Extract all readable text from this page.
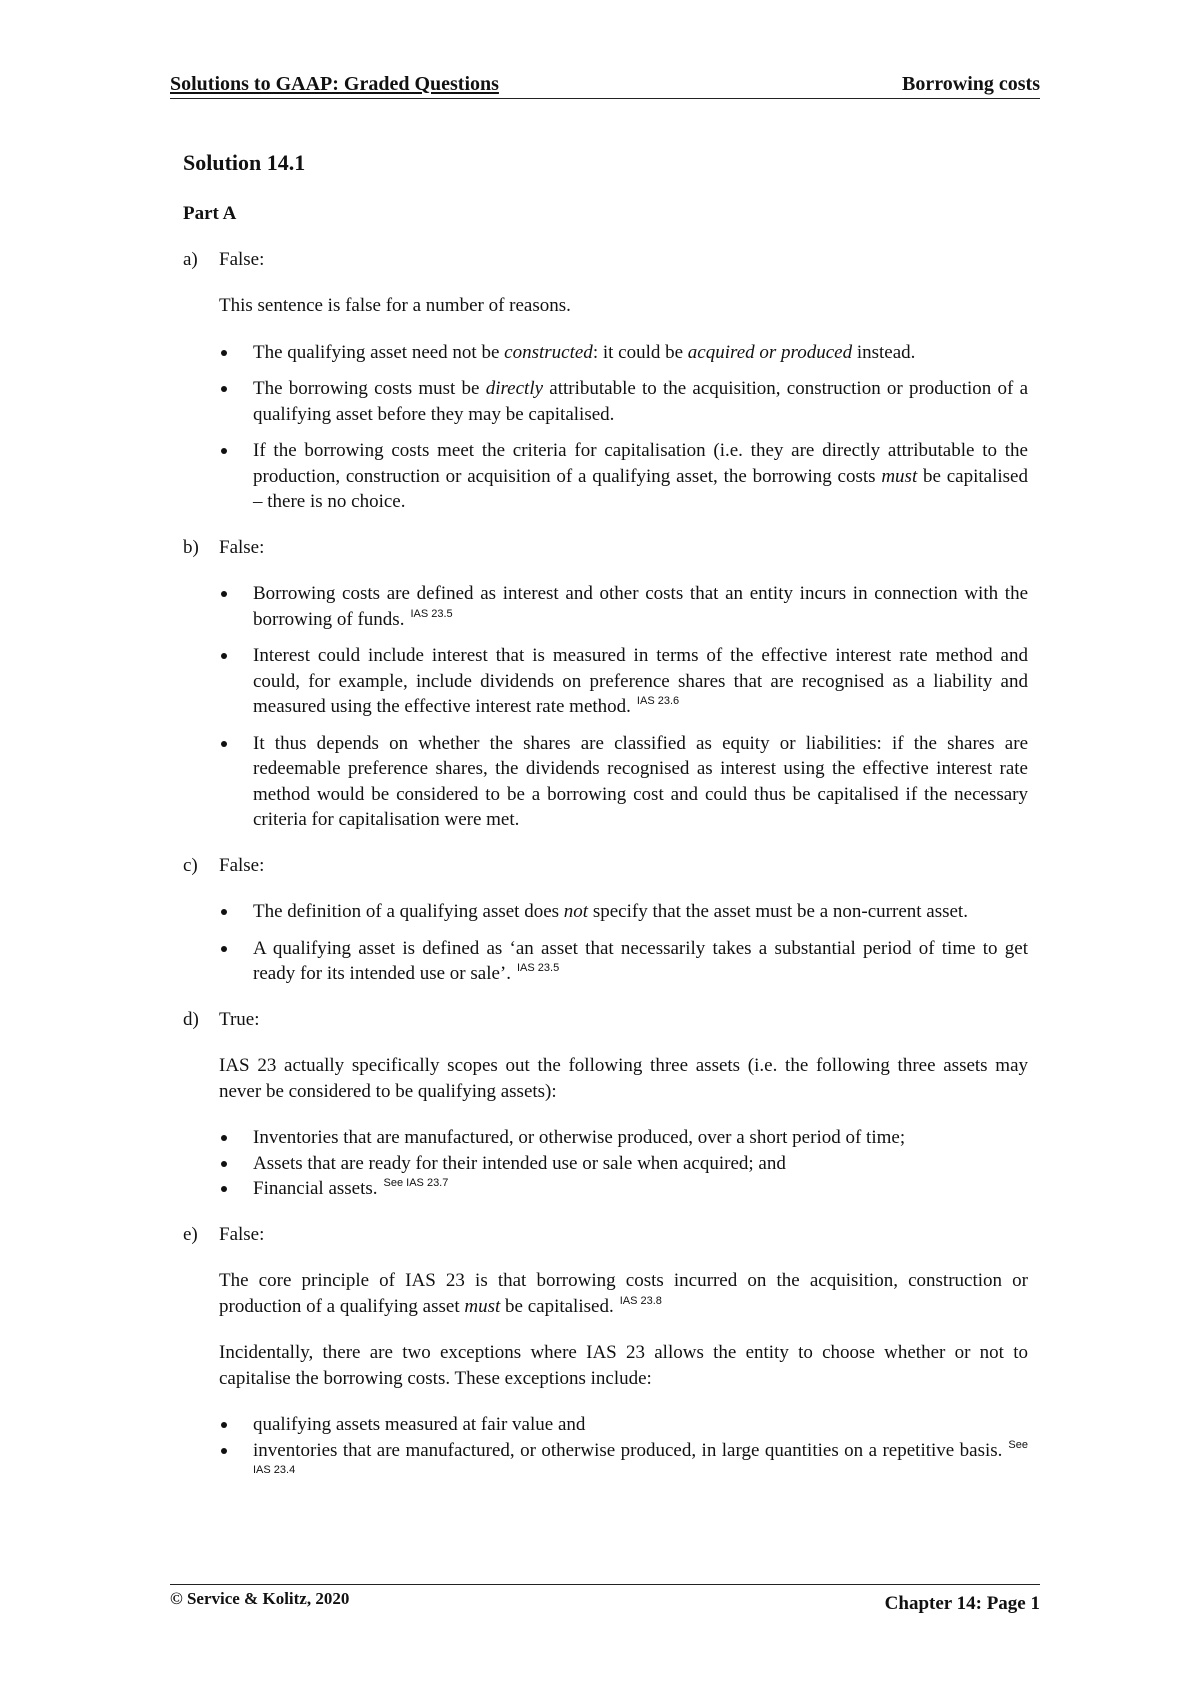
Solutions to GAAP: Graded Questions	Borrowing costs
Solution 14.1
Part A
a)	False:
This sentence is false for a number of reasons.
The qualifying asset need not be constructed: it could be acquired or produced instead.
The borrowing costs must be directly attributable to the acquisition, construction or production of a qualifying asset before they may be capitalised.
If the borrowing costs meet the criteria for capitalisation (i.e. they are directly attributable to the production, construction or acquisition of a qualifying asset, the borrowing costs must be capitalised – there is no choice.
b)	False:
Borrowing costs are defined as interest and other costs that an entity incurs in connection with the borrowing of funds. $^{IAS 23.5}$
Interest could include interest that is measured in terms of the effective interest rate method and could, for example, include dividends on preference shares that are recognised as a liability and measured using the effective interest rate method. $^{IAS 23.6}$
It thus depends on whether the shares are classified as equity or liabilities: if the shares are redeemable preference shares, the dividends recognised as interest using the effective interest rate method would be considered to be a borrowing cost and could thus be capitalised if the necessary criteria for capitalisation were met.
c)	False:
The definition of a qualifying asset does not specify that the asset must be a non-current asset.
A qualifying asset is defined as ‘an asset that necessarily takes a substantial period of time to get ready for its intended use or sale’. $^{IAS 23.5}$
d)	True:
IAS 23 actually specifically scopes out the following three assets (i.e. the following three assets may never be considered to be qualifying assets):
Inventories that are manufactured, or otherwise produced, over a short period of time;
Assets that are ready for their intended use or sale when acquired; and
Financial assets. $^{See IAS 23.7}$
e)	False:
The core principle of IAS 23 is that borrowing costs incurred on the acquisition, construction or production of a qualifying asset must be capitalised. $^{IAS 23.8}$
Incidentally, there are two exceptions where IAS 23 allows the entity to choose whether or not to capitalise the borrowing costs. These exceptions include:
qualifying assets measured at fair value and
inventories that are manufactured, or otherwise produced, in large quantities on a repetitive basis. $^{See IAS 23.4}$
© Service & Kolitz, 2020	Chapter 14: Page 1
